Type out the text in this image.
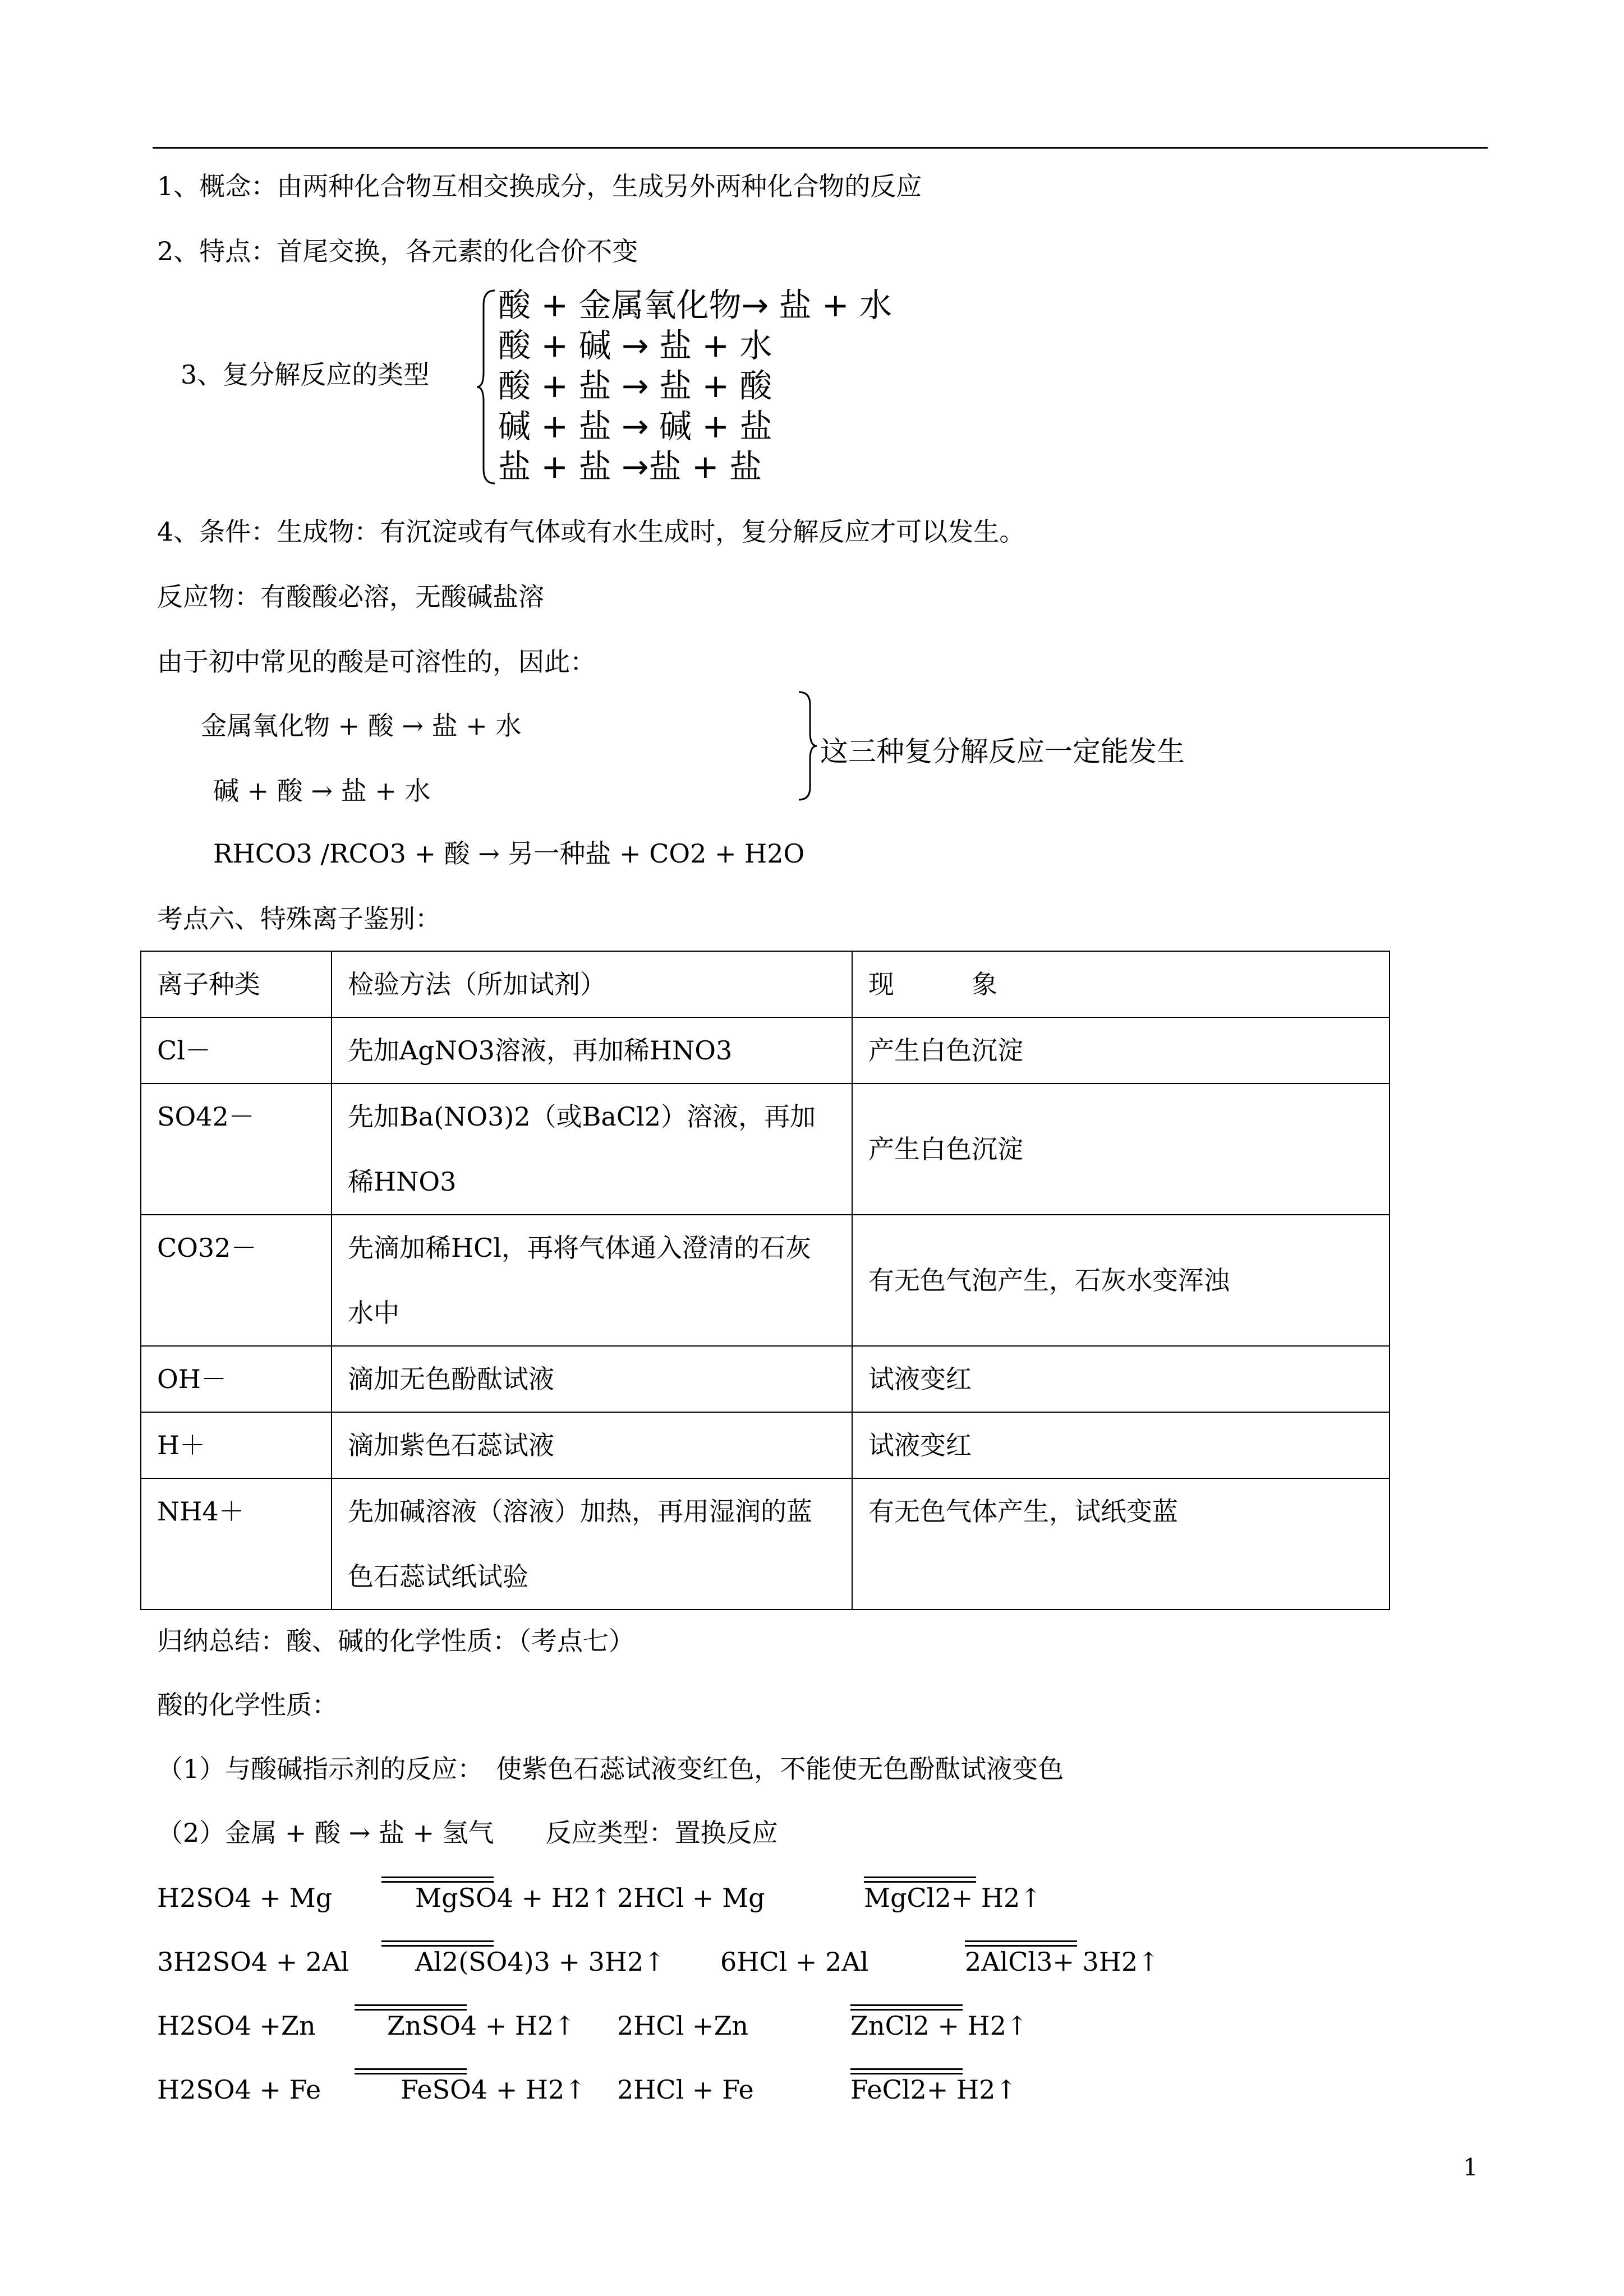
1、概念：由两种化合物互相交换成分，生成另外两种化合物的反应
2、特点：首尾交换，各元素的化合价不变
3、复分解反应的类型
酸 + 金属氧化物→ 盐 + 水
酸 + 碱 → 盐 + 水
酸 + 盐 → 盐 + 酸
碱 + 盐 → 碱 + 盐
盐 + 盐 →盐 + 盐
4、条件：生成物：有沉淀或有气体或有水生成时，复分解反应才可以发生。
反应物：有酸酸必溶，无酸碱盐溶
由于初中常见的酸是可溶性的，因此：
金属氧化物 + 酸 → 盐 + 水
碱 + 酸 → 盐 + 水
这三种复分解反应一定能发生
RHCO3 /RCO3 + 酸 → 另一种盐 + CO2 + H2O
考点六、特殊离子鉴别：
离子种类	检验方法（所加试剂）	现　　　象
Cl－	先加AgNO3溶液，再加稀HNO3	产生白色沉淀
SO42－	先加Ba(NO3)2（或BaCl2）溶液，再加稀HNO3	产生白色沉淀
CO32－	先滴加稀HCl，再将气体通入澄清的石灰水中	有无色气泡产生，石灰水变浑浊
OH－	滴加无色酚酞试液	试液变红
H＋	滴加紫色石蕊试液	试液变红
NH4＋	先加碱溶液（溶液）加热，再用湿润的蓝色石蕊试纸试验	有无色气体产生，试纸变蓝
归纳总结：酸、碱的化学性质：（考点七）
酸的化学性质：
（1）与酸碱指示剂的反应：　使紫色石蕊试液变红色，不能使无色酚酞试液变色
（2）金属 + 酸 → 盐 + 氢气　　反应类型：置换反应
H2SO4 + Mg	MgSO4 + H2↑ 2HCl + Mg	MgCl2+ H2↑
3H2SO4 + 2Al	Al2(SO4)3 + 3H2↑ 6HCl + 2Al	2AlCl3+ 3H2↑
H2SO4 +Zn	ZnSO4 + H2↑ 2HCl +Zn	ZnCl2 + H2↑
H2SO4 + Fe	FeSO4 + H2↑ 2HCl + Fe	FeCl2+ H2↑
1
